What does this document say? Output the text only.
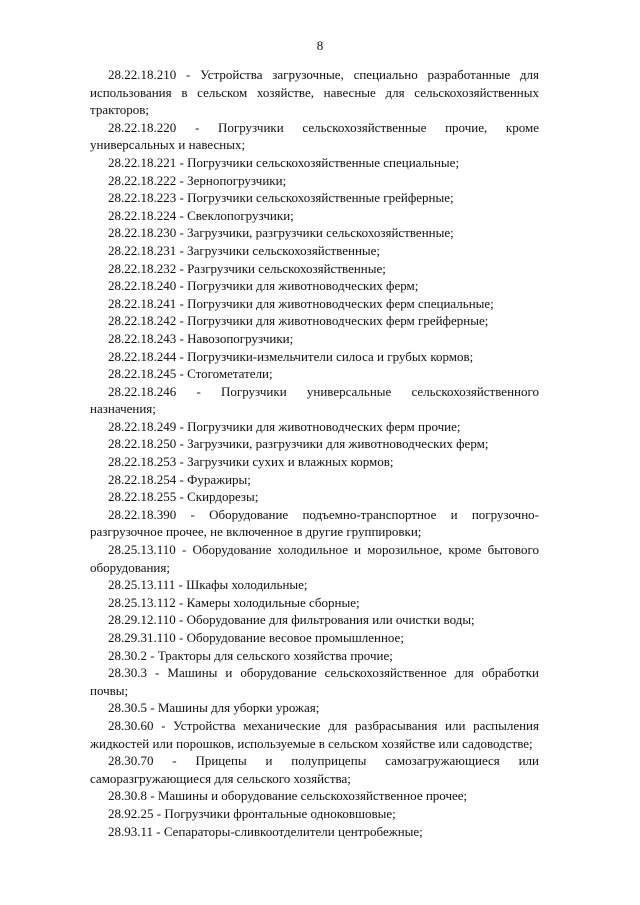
8

28.22.18.210 - Устройства загрузочные, специально разработанные для использования в сельском хозяйстве, навесные для сельскохозяйственных тракторов;

28.22.18.220 - Погрузчики сельскохозяйственные прочие, кроме универсальных и навесных;

28.22.18.221 - Погрузчики сельскохозяйственные специальные;

28.22.18.222 - Зернопогрузчики;

28.22.18.223 - Погрузчики сельскохозяйственные грейферные;

28.22.18.224 - Свеклопогрузчики;

28.22.18.230 - Загрузчики, разгрузчики сельскохозяйственные;

28.22.18.231 - Загрузчики сельскохозяйственные;

28.22.18.232 - Разгрузчики сельскохозяйственные;

28.22.18.240 - Погрузчики для животноводческих ферм;

28.22.18.241 - Погрузчики для животноводческих ферм специальные;

28.22.18.242 - Погрузчики для животноводческих ферм грейферные;

28.22.18.243 - Навозопогрузчики;

28.22.18.244 - Погрузчики-измельчители силоса и грубых кормов;

28.22.18.245 - Стогометатели;

28.22.18.246 - Погрузчики универсальные сельскохозяйственного назначения;

28.22.18.249 - Погрузчики для животноводческих ферм прочие;

28.22.18.250 - Загрузчики, разгрузчики для животноводческих ферм;

28.22.18.253 - Загрузчики сухих и влажных кормов;

28.22.18.254 - Фуражиры;

28.22.18.255 - Скирдорезы;

28.22.18.390 - Оборудование подъемно-транспортное и погрузочно-разгрузочное прочее, не включенное в другие группировки;

28.25.13.110 - Оборудование холодильное и морозильное, кроме бытового оборудования;

28.25.13.111 - Шкафы холодильные;

28.25.13.112 - Камеры холодильные сборные;

28.29.12.110 - Оборудование для фильтрования или очистки воды;

28.29.31.110 - Оборудование весовое промышленное;

28.30.2 - Тракторы для сельского хозяйства прочие;

28.30.3 - Машины и оборудование сельскохозяйственное для обработки почвы;

28.30.5 - Машины для уборки урожая;

28.30.60 - Устройства механические для разбрасывания или распыления жидкостей или порошков, используемые в сельском хозяйстве или садоводстве;

28.30.70 - Прицепы и полуприцепы самозагружающиеся или саморазгружающиеся для сельского хозяйства;

28.30.8 - Машины и оборудование сельскохозяйственное прочее;

28.92.25 - Погрузчики фронтальные одноковшовые;

28.93.11 - Сепараторы-сливкоотделители центробежные;
